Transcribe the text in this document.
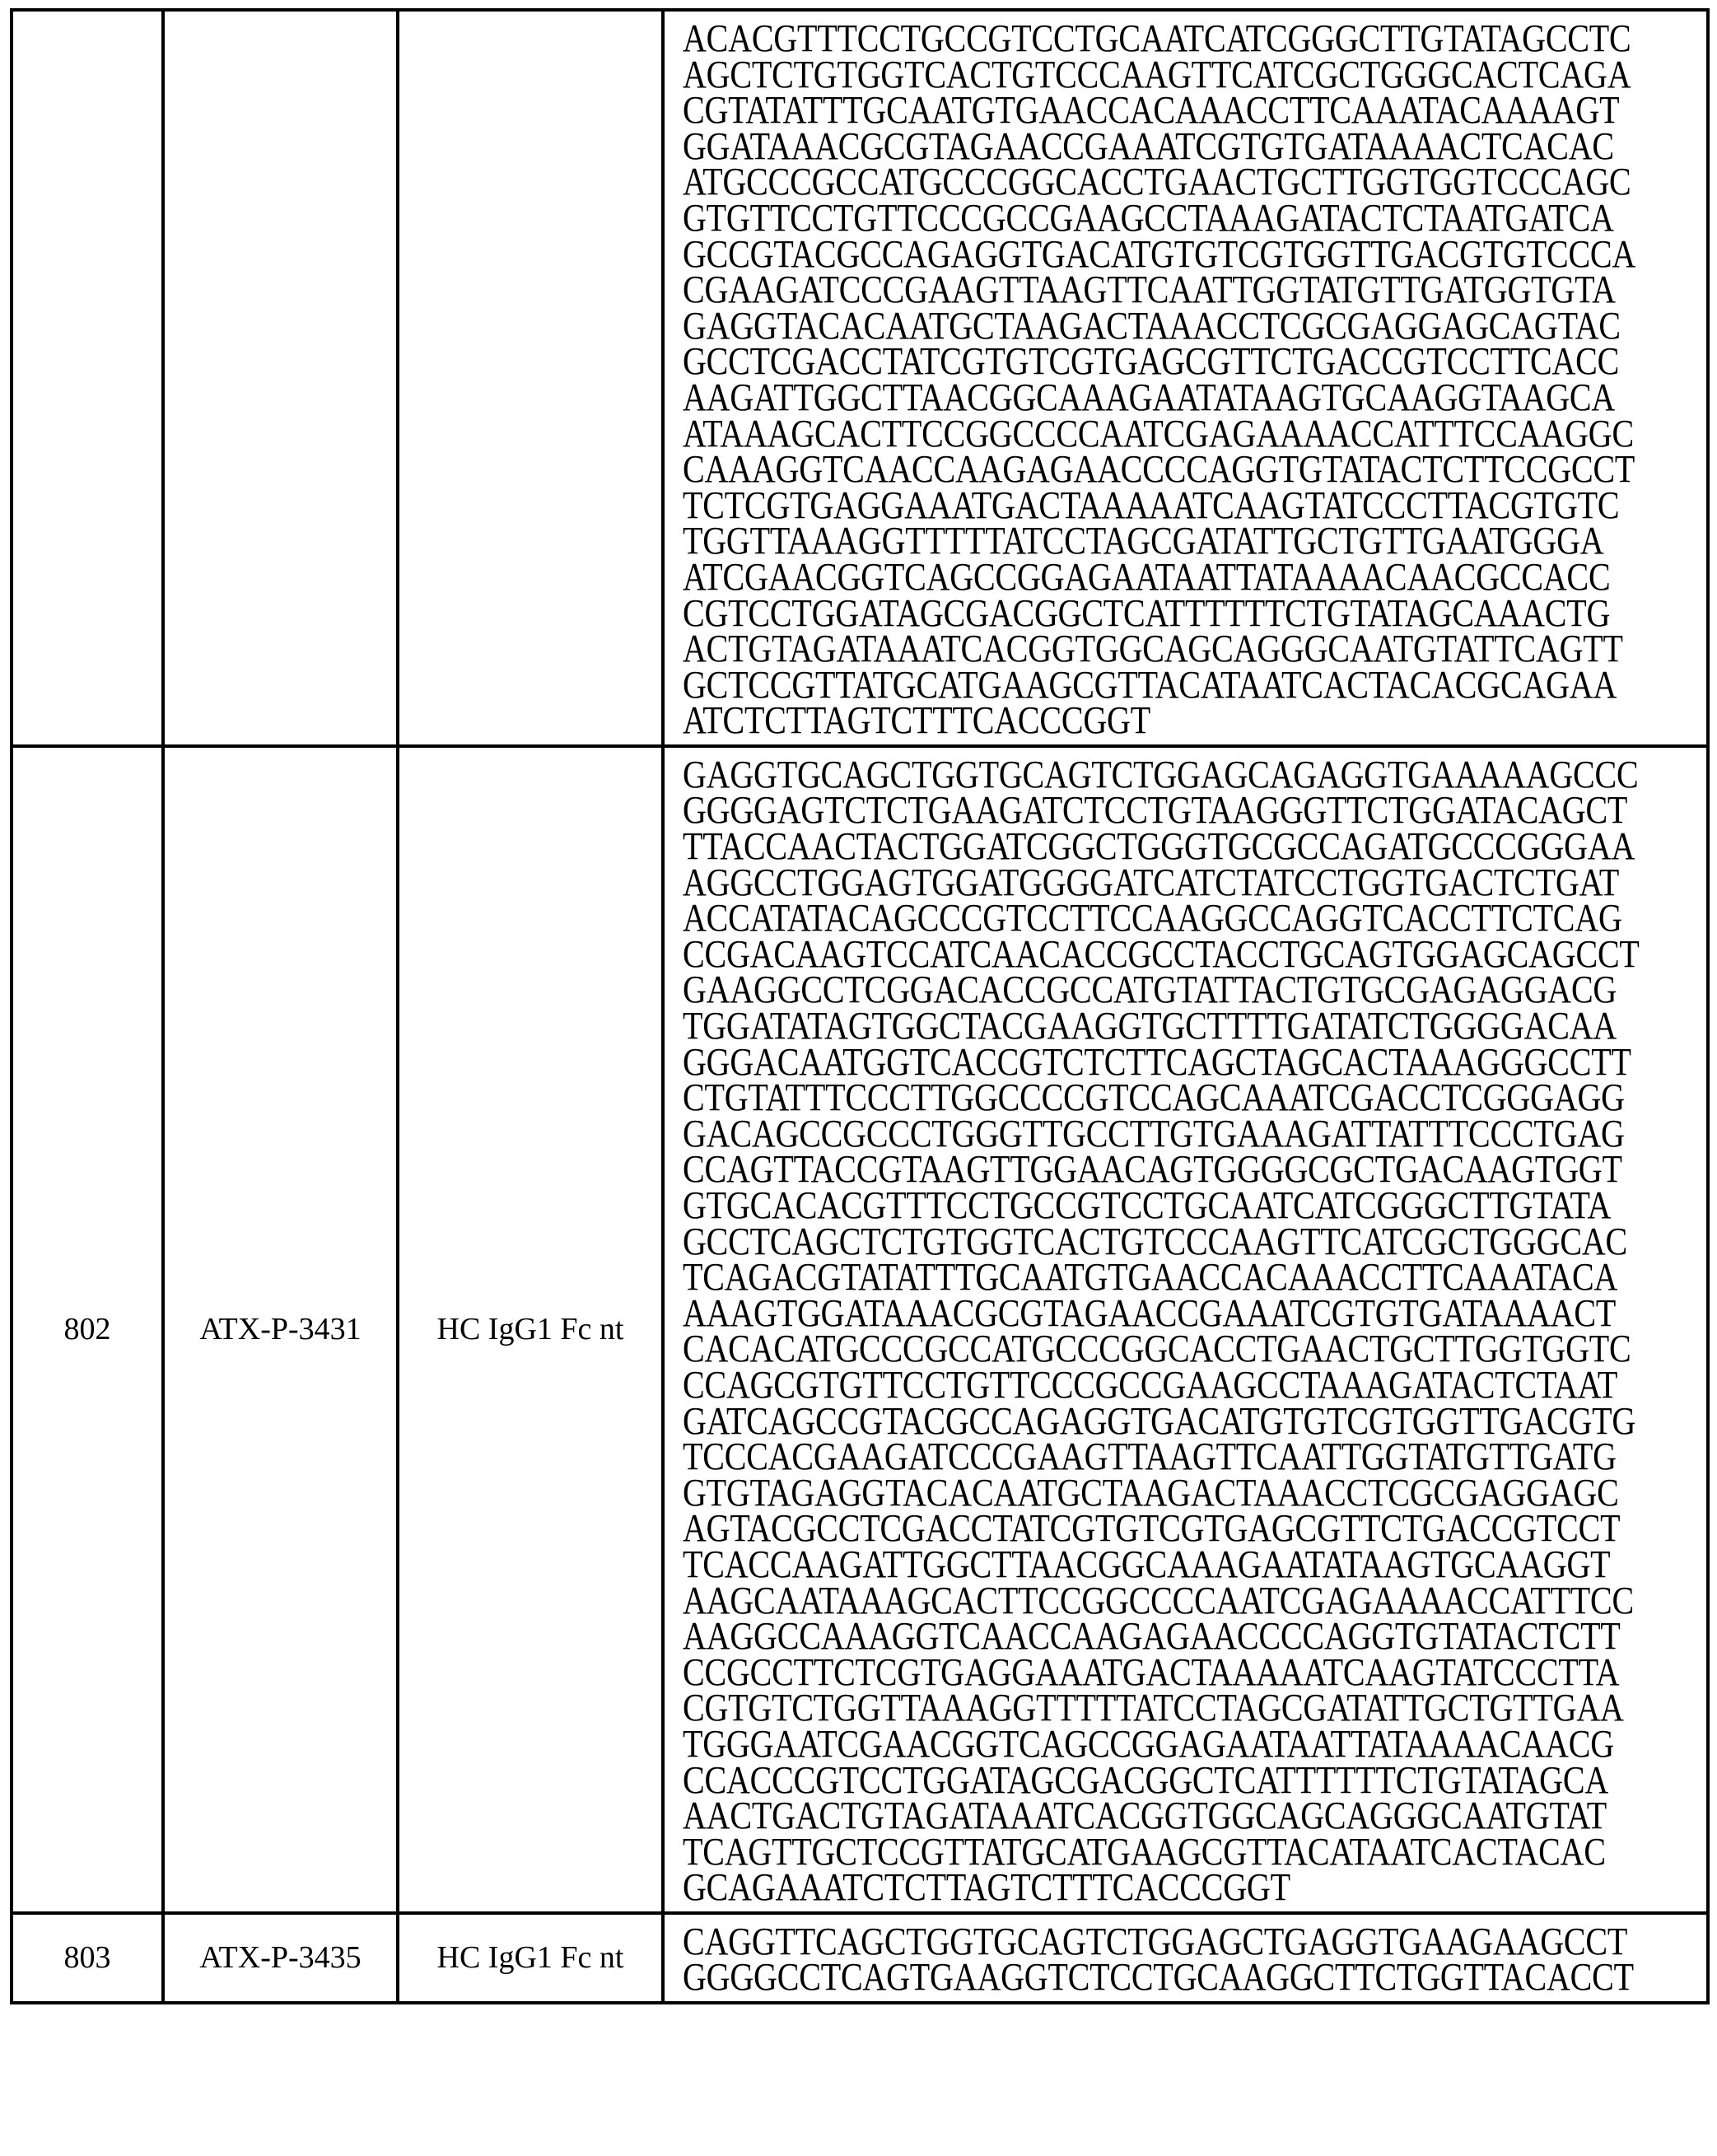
ACACGTTTCCTGCCGTCCTGCAATCATCGGGCTTGTATAGCCTC
AGCTCTGTGGTCACTGTCCCAAGTTCATCGCTGGGCACTCAGA
CGTATATTTGCAATGTGAACCACAAACCTTCAAATACAAAAGT
GGATAAACGCGTAGAACCGAAATCGTGTGATAAAACTCACAC
ATGCCCGCCATGCCCGGCACCTGAACTGCTTGGTGGTCCCAGC
GTGTTCCTGTTCCCGCCGAAGCCTAAAGATACTCTAATGATCA
GCCGTACGCCAGAGGTGACATGTGTCGTGGTTGACGTGTCCCA
CGAAGATCCCGAAGTTAAGTTCAATTGGTATGTTGATGGTGTA
GAGGTACACAATGCTAAGACTAAACCTCGCGAGGAGCAGTAC
GCCTCGACCTATCGTGTCGTGAGCGTTCTGACCGTCCTTCACC
AAGATTGGCTTAACGGCAAAGAATATAAGTGCAAGGTAAGCA
ATAAAGCACTTCCGGCCCCAATCGAGAAAACCATTTCCAAGGC
CAAAGGTCAACCAAGAGAACCCCAGGTGTATACTCTTCCGCCT
TCTCGTGAGGAAATGACTAAAAATCAAGTATCCCTTACGTGTC
TGGTTAAAGGTTTTTATCCTAGCGATATTGCTGTTGAATGGGA
ATCGAACGGTCAGCCGGAGAATAATTATAAAACAACGCCACC
CGTCCTGGATAGCGACGGCTCATTTTTTCTGTATAGCAAACTG
ACTGTAGATAAATCACGGTGGCAGCAGGGCAATGTATTCAGTT
GCTCCGTTATGCATGAAGCGTTACATAATCACTACACGCAGAA
ATCTCTTAGTCTTTCACCCGGT

802	ATX-P-3431	HC IgG1 Fc nt	
GAGGTGCAGCTGGTGCAGTCTGGAGCAGAGGTGAAAAAGCCC
GGGGAGTCTCTGAAGATCTCCTGTAAGGGTTCTGGATACAGCT
TTACCAACTACTGGATCGGCTGGGTGCGCCAGATGCCCGGGAA
AGGCCTGGAGTGGATGGGGATCATCTATCCTGGTGACTCTGAT
ACCATATACAGCCCGTCCTTCCAAGGCCAGGTCACCTTCTCAG
CCGACAAGTCCATCAACACCGCCTACCTGCAGTGGAGCAGCCT
GAAGGCCTCGGACACCGCCATGTATTACTGTGCGAGAGGACG
TGGATATAGTGGCTACGAAGGTGCTTTTGATATCTGGGGACAA
GGGACAATGGTCACCGTCTCTTCAGCTAGCACTAAAGGGCCTT
CTGTATTTCCCTTGGCCCCGTCCAGCAAATCGACCTCGGGAGG
GACAGCCGCCCTGGGTTGCCTTGTGAAAGATTATTTCCCTGAG
CCAGTTACCGTAAGTTGGAACAGTGGGGCGCTGACAAGTGGT
GTGCACACGTTTCCTGCCGTCCTGCAATCATCGGGCTTGTATA
GCCTCAGCTCTGTGGTCACTGTCCCAAGTTCATCGCTGGGCAC
TCAGACGTATATTTGCAATGTGAACCACAAACCTTCAAATACA
AAAGTGGATAAACGCGTAGAACCGAAATCGTGTGATAAAACT
CACACATGCCCGCCATGCCCGGCACCTGAACTGCTTGGTGGTC
CCAGCGTGTTCCTGTTCCCGCCGAAGCCTAAAGATACTCTAAT
GATCAGCCGTACGCCAGAGGTGACATGTGTCGTGGTTGACGTG
TCCCACGAAGATCCCGAAGTTAAGTTCAATTGGTATGTTGATG
GTGTAGAGGTACACAATGCTAAGACTAAACCTCGCGAGGAGC
AGTACGCCTCGACCTATCGTGTCGTGAGCGTTCTGACCGTCCT
TCACCAAGATTGGCTTAACGGCAAAGAATATAAGTGCAAGGT
AAGCAATAAAGCACTTCCGGCCCCAATCGAGAAAACCATTTCC
AAGGCCAAAGGTCAACCAAGAGAACCCCAGGTGTATACTCTT
CCGCCTTCTCGTGAGGAAATGACTAAAAATCAAGTATCCCTTA
CGTGTCTGGTTAAAGGTTTTTATCCTAGCGATATTGCTGTTGAA
TGGGAATCGAACGGTCAGCCGGAGAATAATTATAAAACAACG
CCACCCGTCCTGGATAGCGACGGCTCATTTTTTCTGTATAGCA
AACTGACTGTAGATAAATCACGGTGGCAGCAGGGCAATGTAT
TCAGTTGCTCCGTTATGCATGAAGCGTTACATAATCACTACAC
GCAGAAATCTCTTAGTCTTTCACCCGGT

803	ATX-P-3435	HC IgG1 Fc nt	CAGGTTCAGCTGGTGCAGTCTGGAGCTGAGGTGAAGAAGCCT
GGGGCCTCAGTGAAGGTCTCCTGCAAGGCTTCTGGTTACACCT
